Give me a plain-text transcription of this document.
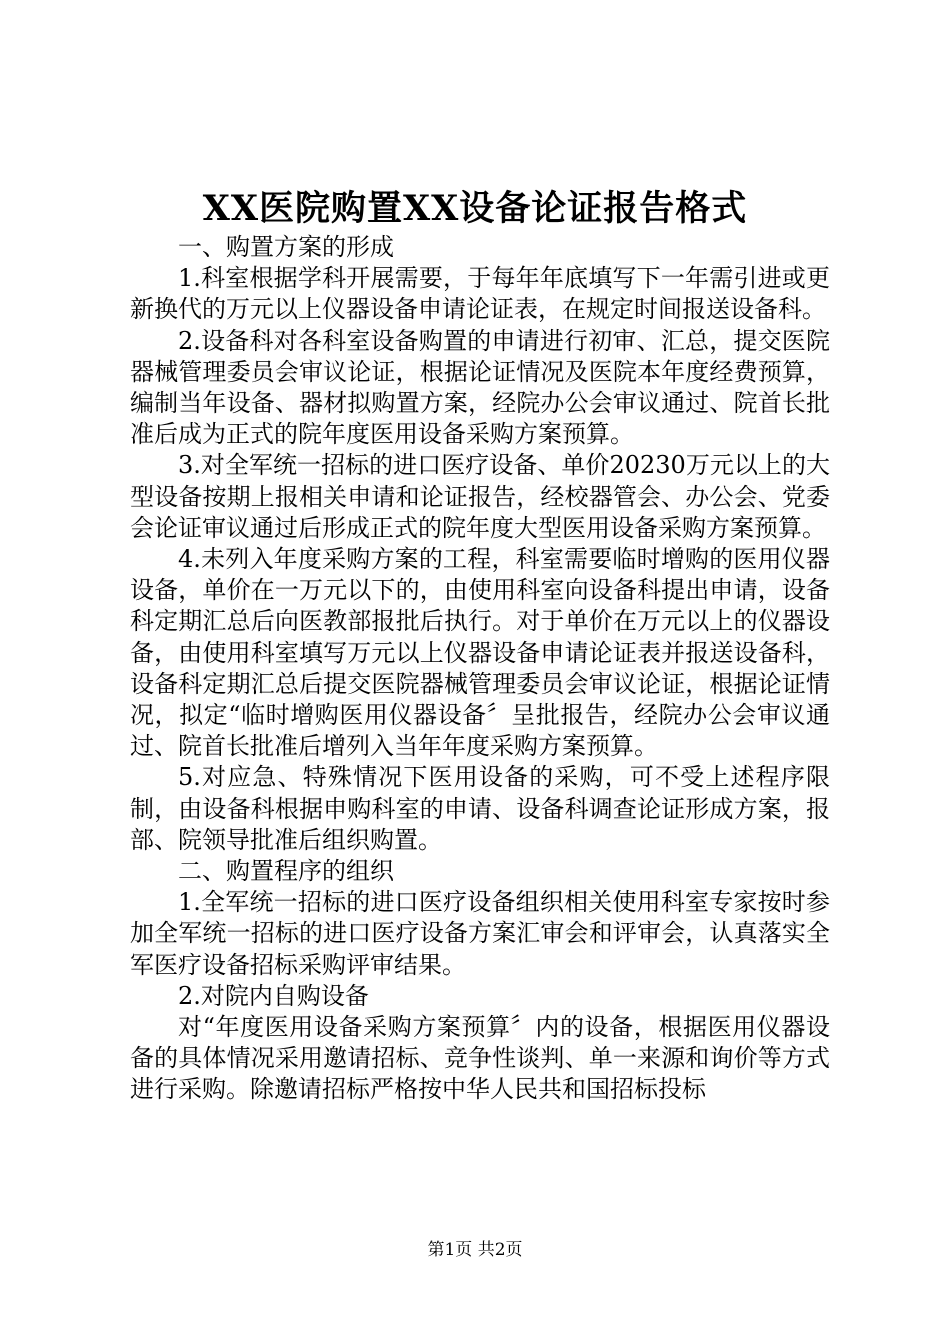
XX医院购置XX设备论证报告格式

一、购置方案的形成

1.科室根据学科开展需要，于每年年底填写下一年需引进或更新换代的万元以上仪器设备申请论证表，在规定时间报送设备科。

2.设备科对各科室设备购置的申请进行初审、汇总，提交医院器械管理委员会审议论证，根据论证情况及医院本年度经费预算，编制当年设备、器材拟购置方案，经院办公会审议通过、院首长批准后成为正式的院年度医用设备采购方案预算。

3.对全军统一招标的进口医疗设备、单价20230万元以上的大型设备按期上报相关申请和论证报告，经校器管会、办公会、党委会论证审议通过后形成正式的院年度大型医用设备采购方案预算。

4.未列入年度采购方案的工程，科室需要临时增购的医用仪器设备，单价在一万元以下的，由使用科室向设备科提出申请，设备科定期汇总后向医教部报批后执行。对于单价在万元以上的仪器设备，由使用科室填写万元以上仪器设备申请论证表并报送设备科，设备科定期汇总后提交医院器械管理委员会审议论证，根据论证情况，拟定“临时增购医用仪器设备〞呈批报告，经院办公会审议通过、院首长批准后增列入当年年度采购方案预算。

5.对应急、特殊情况下医用设备的采购，可不受上述程序限制，由设备科根据申购科室的申请、设备科调查论证形成方案，报部、院领导批准后组织购置。

二、购置程序的组织

1.全军统一招标的进口医疗设备组织相关使用科室专家按时参加全军统一招标的进口医疗设备方案汇审会和评审会，认真落实全军医疗设备招标采购评审结果。

2.对院内自购设备

对“年度医用设备采购方案预算〞内的设备，根据医用仪器设备的具体情况采用邀请招标、竞争性谈判、单一来源和询价等方式进行采购。除邀请招标严格按中华人民共和国招标投标

第1页 共2页
